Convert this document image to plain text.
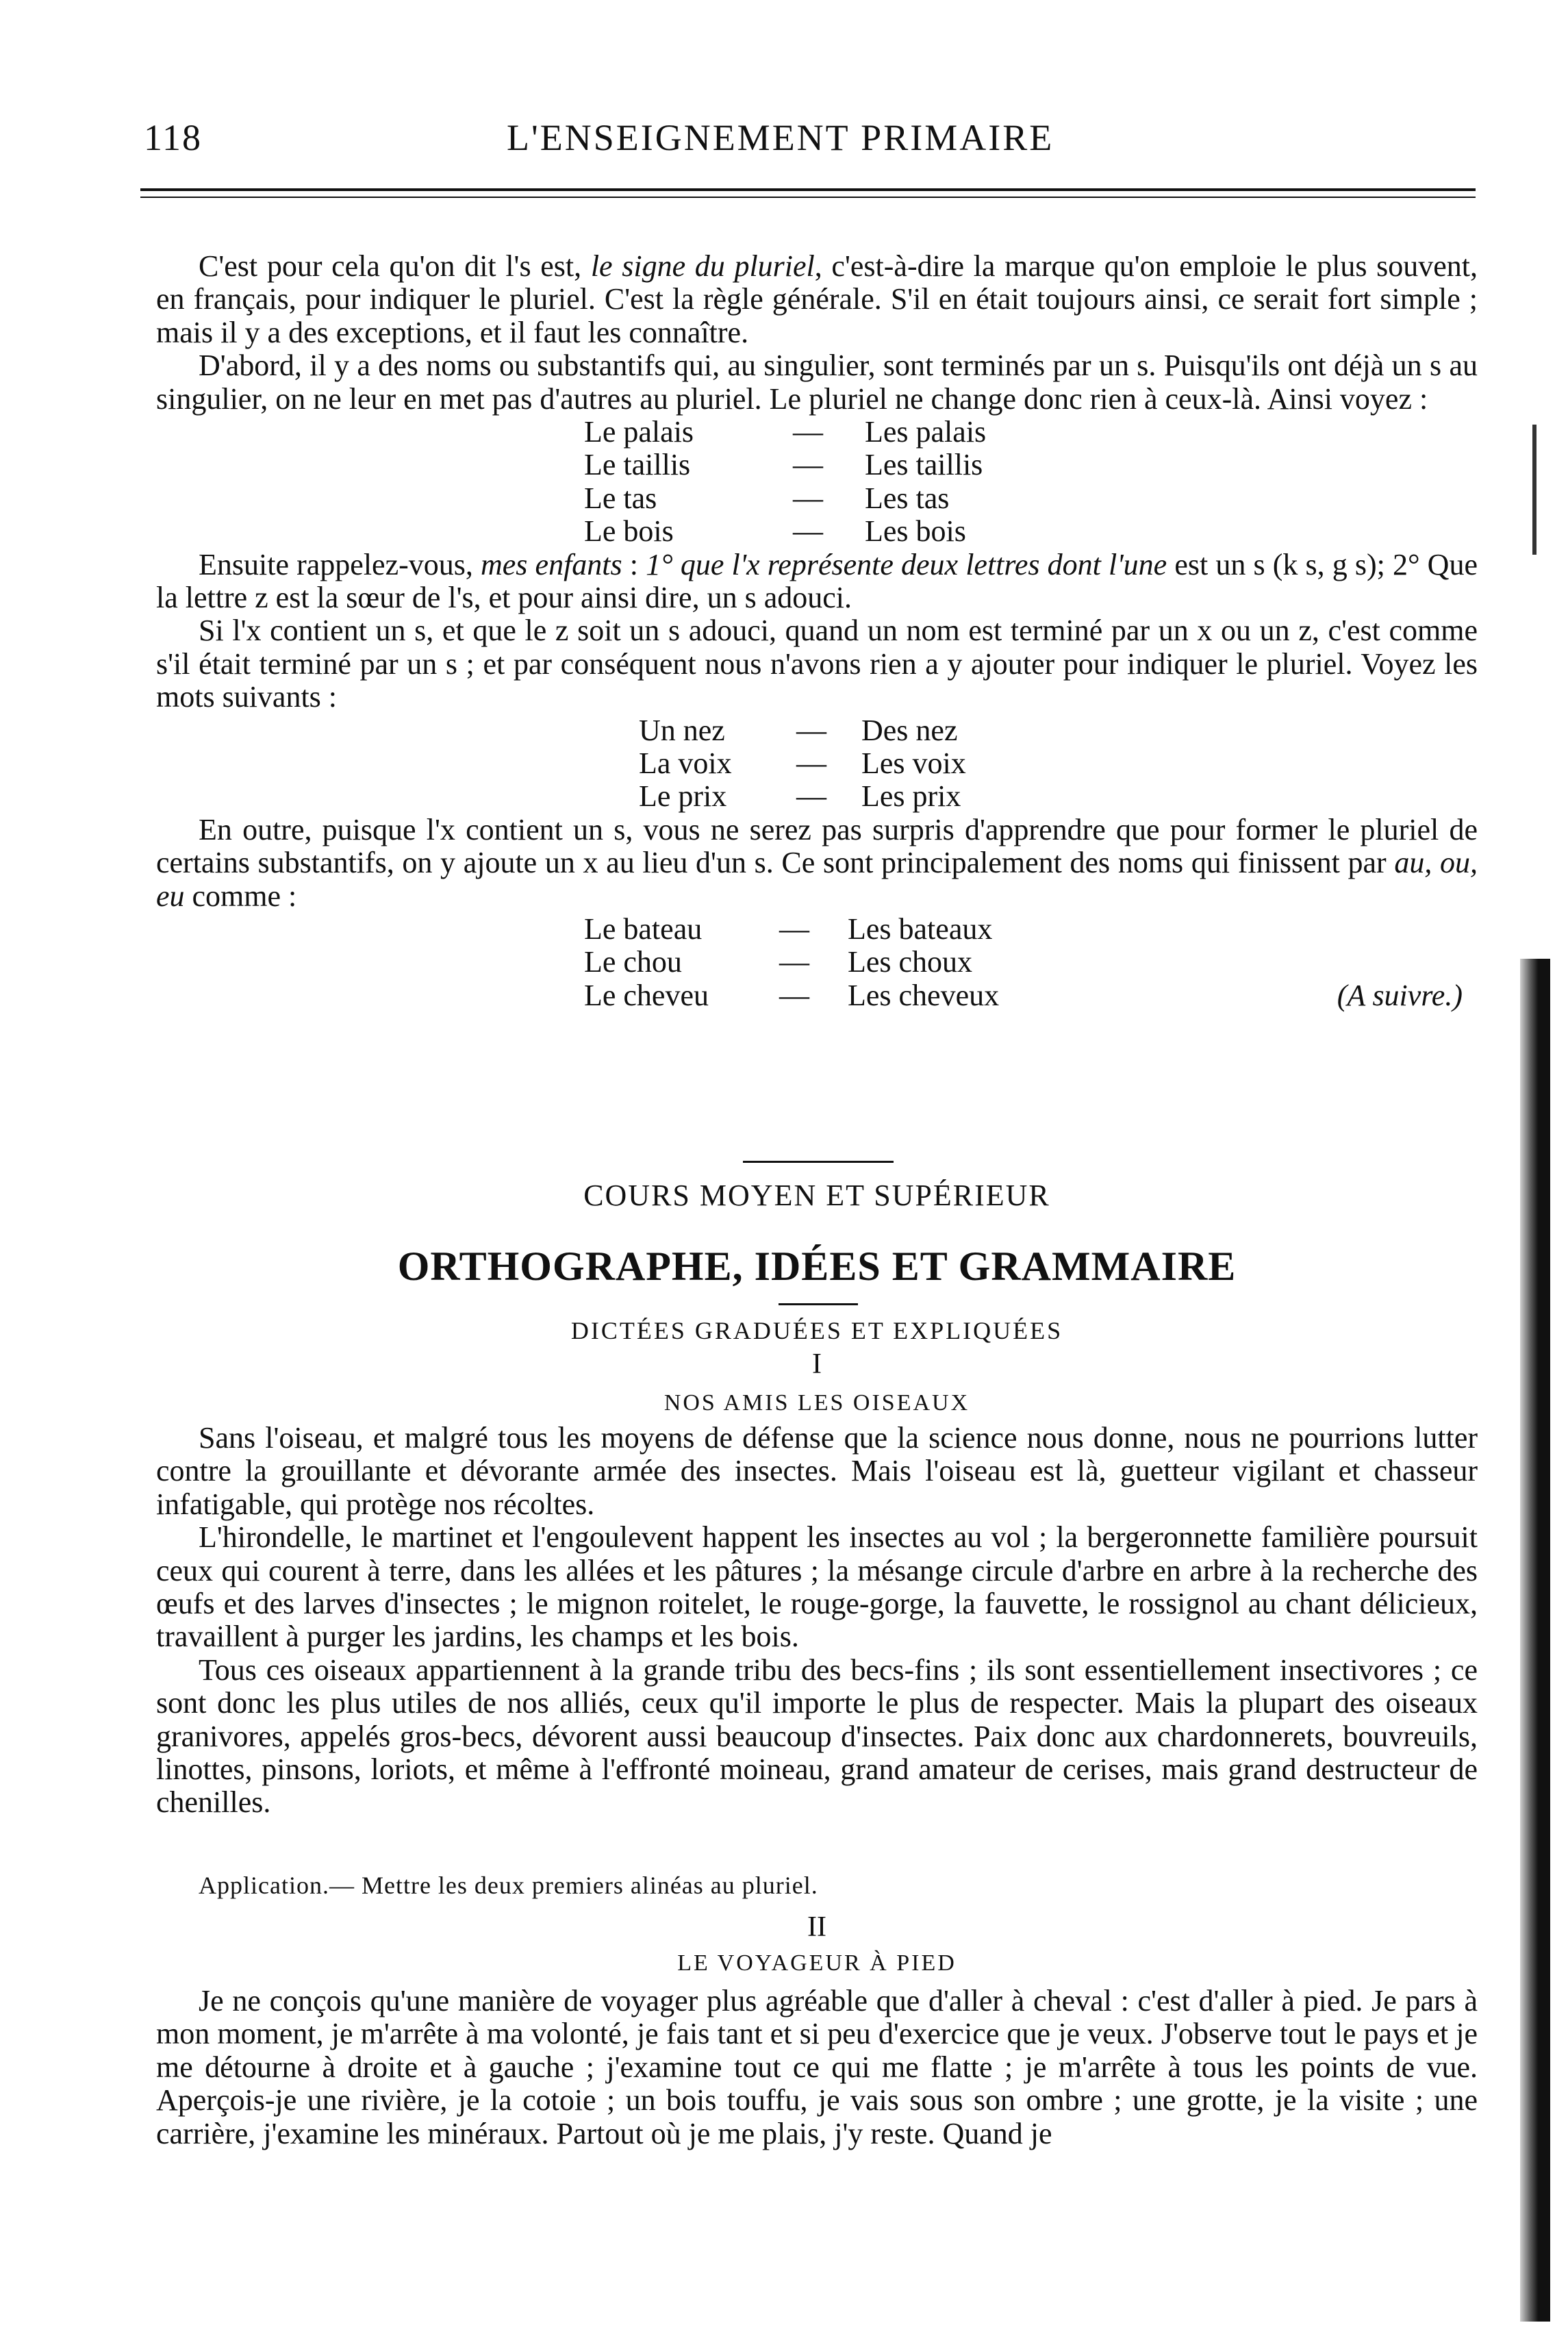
118	L'ENSEIGNEMENT PRIMAIRE

C'est pour cela qu'on dit l's est, le signe du pluriel, c'est-à-dire la marque qu'on emploie le plus souvent, en français, pour indiquer le pluriel. C'est la règle générale. S'il en était toujours ainsi, ce serait fort simple ; mais il y a des exceptions, et il faut les connaître.

D'abord, il y a des noms ou substantifs qui, au singulier, sont terminés par un s. Puisqu'ils ont déjà un s au singulier, on ne leur en met pas d'autres au pluriel. Le pluriel ne change donc rien à ceux-là. Ainsi voyez :

Le palais	— Les palais
Le taillis	— Les taillis
Le tas	— Les tas
Le bois	— Les bois

Ensuite rappelez-vous, mes enfants : 1° que l'x représente deux lettres dont l'une est un s (k s, g s); 2° Que la lettre z est la sœur de l's, et pour ainsi dire, un s adouci.

Si l'x contient un s, et que le z soit un s adouci, quand un nom est terminé par un x ou un z, c'est comme s'il était terminé par un s ; et par conséquent nous n'avons rien a y ajouter pour indiquer le pluriel. Voyez les mots suivants :

Un nez — Des nez
La voix — Les voix
Le prix — Les prix

En outre, puisque l'x contient un s, vous ne serez pas surpris d'apprendre que pour former le pluriel de certains substantifs, on y ajoute un x au lieu d'un s. Ce sont principalement des noms qui finissent par au, ou, eu comme :

Le bateau	— Les bateaux
Le chou	— Les choux
Le cheveu — Les cheveux	(A suivre.)
COURS MOYEN ET SUPÉRIEUR
ORTHOGRAPHE, IDÉES ET GRAMMAIRE
DICTÉES GRADUÉES ET EXPLIQUÉES
I
NOS AMIS LES OISEAUX

Sans l'oiseau, et malgré tous les moyens de défense que la science nous donne, nous ne pourrions lutter contre la grouillante et dévorante armée des insectes. Mais l'oiseau est là, guetteur vigilant et chasseur infatigable, qui protège nos récoltes.

L'hirondelle, le martinet et l'engoulevent happent les insectes au vol ; la bergeronnette familière poursuit ceux qui courent à terre, dans les allées et les pâtures ; la mésange circule d'arbre en arbre à la recherche des œufs et des larves d'insectes ; le mignon roitelet, le rouge-gorge, la fauvette, le rossignol au chant délicieux, travaillent à purger les jardins, les champs et les bois.

Tous ces oiseaux appartiennent à la grande tribu des becs-fins ; ils sont essentiellement insectivores ; ce sont donc les plus utiles de nos alliés, ceux qu'il importe le plus de respecter. Mais la plupart des oiseaux granivores, appelés gros-becs, dévorent aussi beaucoup d'insectes. Paix donc aux chardonnerets, bouvreuils, linottes, pinsons, loriots, et même à l'effronté moineau, grand amateur de cerises, mais grand destructeur de chenilles.

Application.— Mettre les deux premiers alinéas au pluriel.
II
LE VOYAGEUR À PIED

Je ne conçois qu'une manière de voyager plus agréable que d'aller à cheval : c'est d'aller à pied. Je pars à mon moment, je m'arrête à ma volonté, je fais tant et si peu d'exercice que je veux. J'observe tout le pays et je me détourne à droite et à gauche ; j'examine tout ce qui me flatte ; je m'arrête à tous les points de vue. Aperçois-je une rivière, je la cotoie ; un bois touffu, je vais sous son ombre ; une grotte, je la visite ; une carrière, j'examine les minéraux. Partout où je me plais, j'y reste. Quand je
